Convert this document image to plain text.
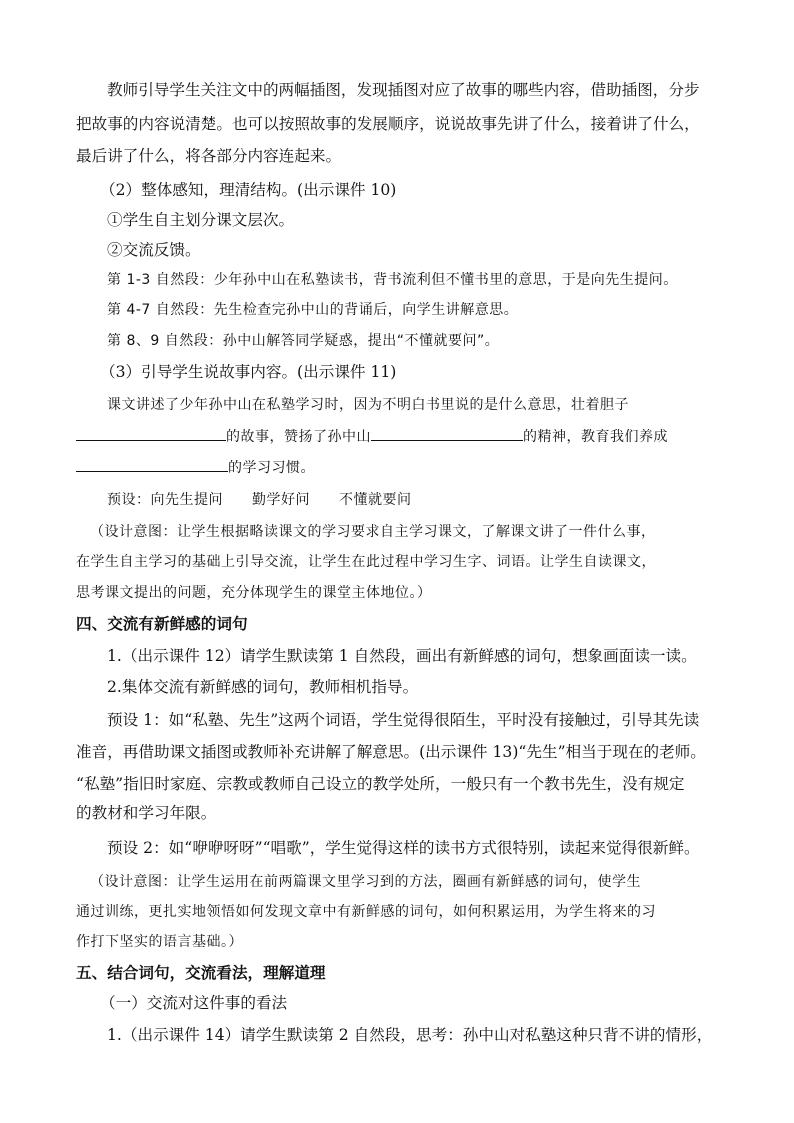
教师引导学生关注文中的两幅插图，发现插图对应了故事的哪些内容，借助插图，分步
把故事的内容说清楚。也可以按照故事的发展顺序，说说故事先讲了什么，接着讲了什么，
最后讲了什么，将各部分内容连起来。
（2）整体感知，理清结构。(出示课件 10)
①学生自主划分课文层次。
②交流反馈。
第 1-3 自然段：少年孙中山在私塾读书，背书流利但不懂书里的意思，于是向先生提问。
第 4-7 自然段：先生检查完孙中山的背诵后，向学生讲解意思。
第 8、9 自然段：孙中山解答同学疑惑，提出“不懂就要问”。
（3）引导学生说故事内容。(出示课件 11)
课文讲述了少年孙中山在私塾学习时，因为不明白书里说的是什么意思，壮着胆子
的故事，赞扬了孙中山	的精神，教育我们养成
的学习习惯。
预设：向先生提问　　勤学好问　　不懂就要问
（设计意图：让学生根据略读课文的学习要求自主学习课文，了解课文讲了一件什么事，
在学生自主学习的基础上引导交流，让学生在此过程中学习生字、词语。让学生自读课文，
思考课文提出的问题，充分体现学生的课堂主体地位。）
四、交流有新鲜感的词句
1.（出示课件 12）请学生默读第 1 自然段，画出有新鲜感的词句，想象画面读一读。
2.集体交流有新鲜感的词句，教师相机指导。
预设 1：如“私塾、先生”这两个词语，学生觉得很陌生，平时没有接触过，引导其先读
准音，再借助课文插图或教师补充讲解了解意思。(出示课件 13)“先生”相当于现在的老师。
“私塾”指旧时家庭、宗教或教师自己设立的教学处所，一般只有一个教书先生，没有规定
的教材和学习年限。
预设 2：如“咿咿呀呀”“唱歌”，学生觉得这样的读书方式很特别，读起来觉得很新鲜。
（设计意图：让学生运用在前两篇课文里学习到的方法，圈画有新鲜感的词句，使学生
通过训练，更扎实地领悟如何发现文章中有新鲜感的词句，如何积累运用，为学生将来的习
作打下坚实的语言基础。）
五、结合词句，交流看法，理解道理
（一）交流对这件事的看法
1.（出示课件 14）请学生默读第 2 自然段，思考：孙中山对私塾这种只背不讲的情形，
